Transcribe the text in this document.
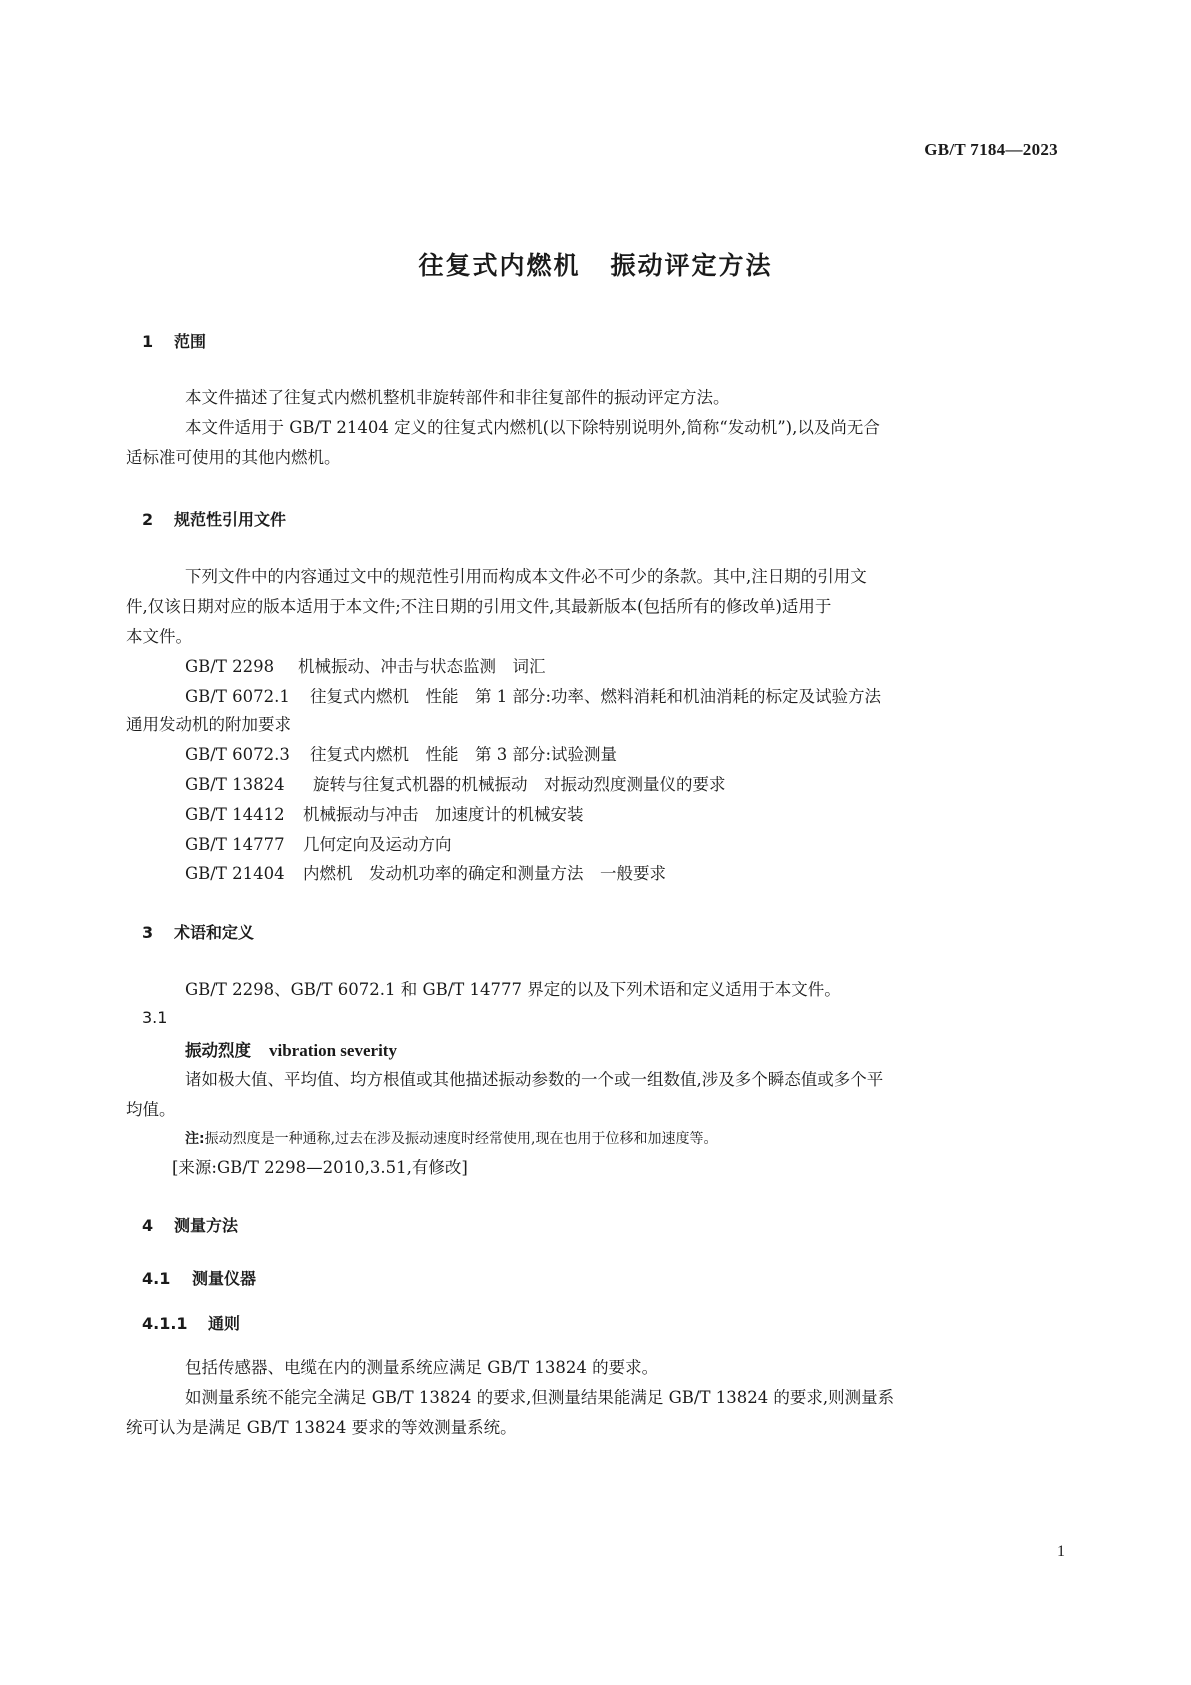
GB/T 7184—2023
往复式内燃机 振动评定方法
1 范围
本文件描述了往复式内燃机整机非旋转部件和非往复部件的振动评定方法。
本文件适用于 GB/T 21404 定义的往复式内燃机(以下除特别说明外,简称“发动机”),以及尚无合
适标准可使用的其他内燃机。
2 规范性引用文件
下列文件中的内容通过文中的规范性引用而构成本文件必不可少的条款。其中,注日期的引用文
件,仅该日期对应的版本适用于本文件;不注日期的引用文件,其最新版本(包括所有的修改单)适用于
本文件。
GB/T 2298 机械振动、冲击与状态监测　词汇
GB/T 6072.1 往复式内燃机　性能　第 1 部分:功率、燃料消耗和机油消耗的标定及试验方法
通用发动机的附加要求
GB/T 6072.3 往复式内燃机　性能　第 3 部分:试验测量
GB/T 13824 旋转与往复式机器的机械振动　对振动烈度测量仪的要求
GB/T 14412 机械振动与冲击　加速度计的机械安装
GB/T 14777 几何定向及运动方向
GB/T 21404 内燃机　发动机功率的确定和测量方法　一般要求
3 术语和定义
GB/T 2298、GB/T 6072.1 和 GB/T 14777 界定的以及下列术语和定义适用于本文件。
3.1
振动烈度 vibration severity
诸如极大值、平均值、均方根值或其他描述振动参数的一个或一组数值,涉及多个瞬态值或多个平
均值。
注:振动烈度是一种通称,过去在涉及振动速度时经常使用,现在也用于位移和加速度等。
[来源:GB/T 2298—2010,3.51,有修改]
4 测量方法
4.1 测量仪器
4.1.1 通则
包括传感器、电缆在内的测量系统应满足 GB/T 13824 的要求。
如测量系统不能完全满足 GB/T 13824 的要求,但测量结果能满足 GB/T 13824 的要求,则测量系
统可认为是满足 GB/T 13824 要求的等效测量系统。
1
